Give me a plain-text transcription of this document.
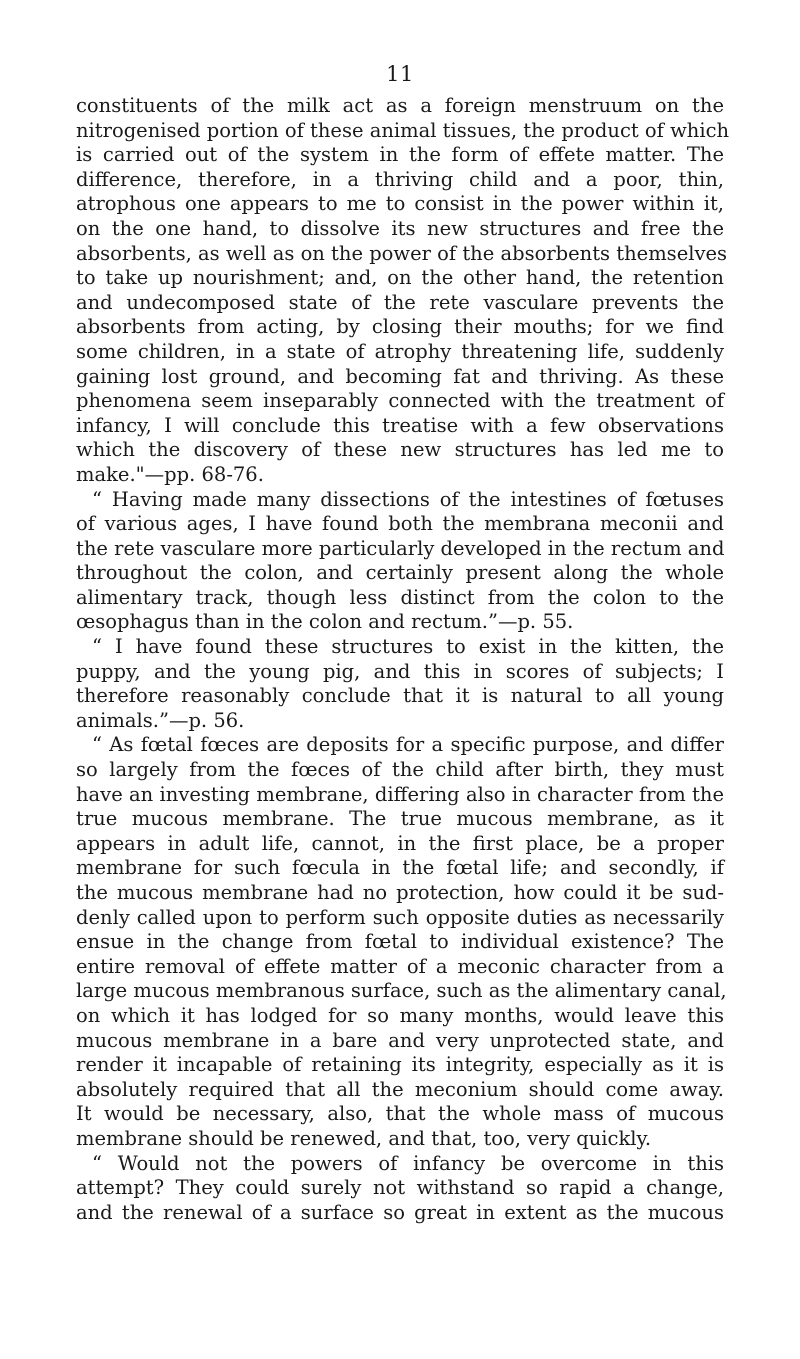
11
constituents of the milk act as a foreign menstruum on the
nitrogenised portion of these animal tissues, the product of which
is carried out of the system in the form of effete matter. The
difference, therefore, in a thriving child and a poor, thin,
atrophous one appears to me to consist in the power within it,
on the one hand, to dissolve its new structures and free the
absorbents, as well as on the power of the absorbents themselves
to take up nourishment; and, on the other hand, the retention
and undecomposed state of the rete vasculare prevents the
absorbents from acting, by closing their mouths; for we find
some children, in a state of atrophy threatening life, suddenly
gaining lost ground, and becoming fat and thriving. As these
phenomena seem inseparably connected with the treatment of
infancy, I will conclude this treatise with a few observations
which the discovery of these new structures has led me to
make."—pp. 68-76.
“ Having made many dissections of the intestines of fœtuses
of various ages, I have found both the membrana meconii and
the rete vasculare more particularly developed in the rectum and
throughout the colon, and certainly present along the whole
alimentary track, though less distinct from the colon to the
œsophagus than in the colon and rectum.”—p. 55.
“ I have found these structures to exist in the kitten, the
puppy, and the young pig, and this in scores of subjects; I
therefore reasonably conclude that it is natural to all young
animals.”—p. 56.
“ As fœtal fœces are deposits for a specific purpose, and differ
so largely from the fœces of the child after birth, they must
have an investing membrane, differing also in character from the
true mucous membrane. The true mucous membrane, as it
appears in adult life, cannot, in the first place, be a proper
membrane for such fœcula in the fœtal life; and secondly, if
the mucous membrane had no protection, how could it be sud-
denly called upon to perform such opposite duties as necessarily
ensue in the change from fœtal to individual existence? The
entire removal of effete matter of a meconic character from a
large mucous membranous surface, such as the alimentary canal,
on which it has lodged for so many months, would leave this
mucous membrane in a bare and very unprotected state, and
render it incapable of retaining its integrity, especially as it is
absolutely required that all the meconium should come away.
It would be necessary, also, that the whole mass of mucous
membrane should be renewed, and that, too, very quickly.
“ Would not the powers of infancy be overcome in this
attempt? They could surely not withstand so rapid a change,
and the renewal of a surface so great in extent as the mucous
